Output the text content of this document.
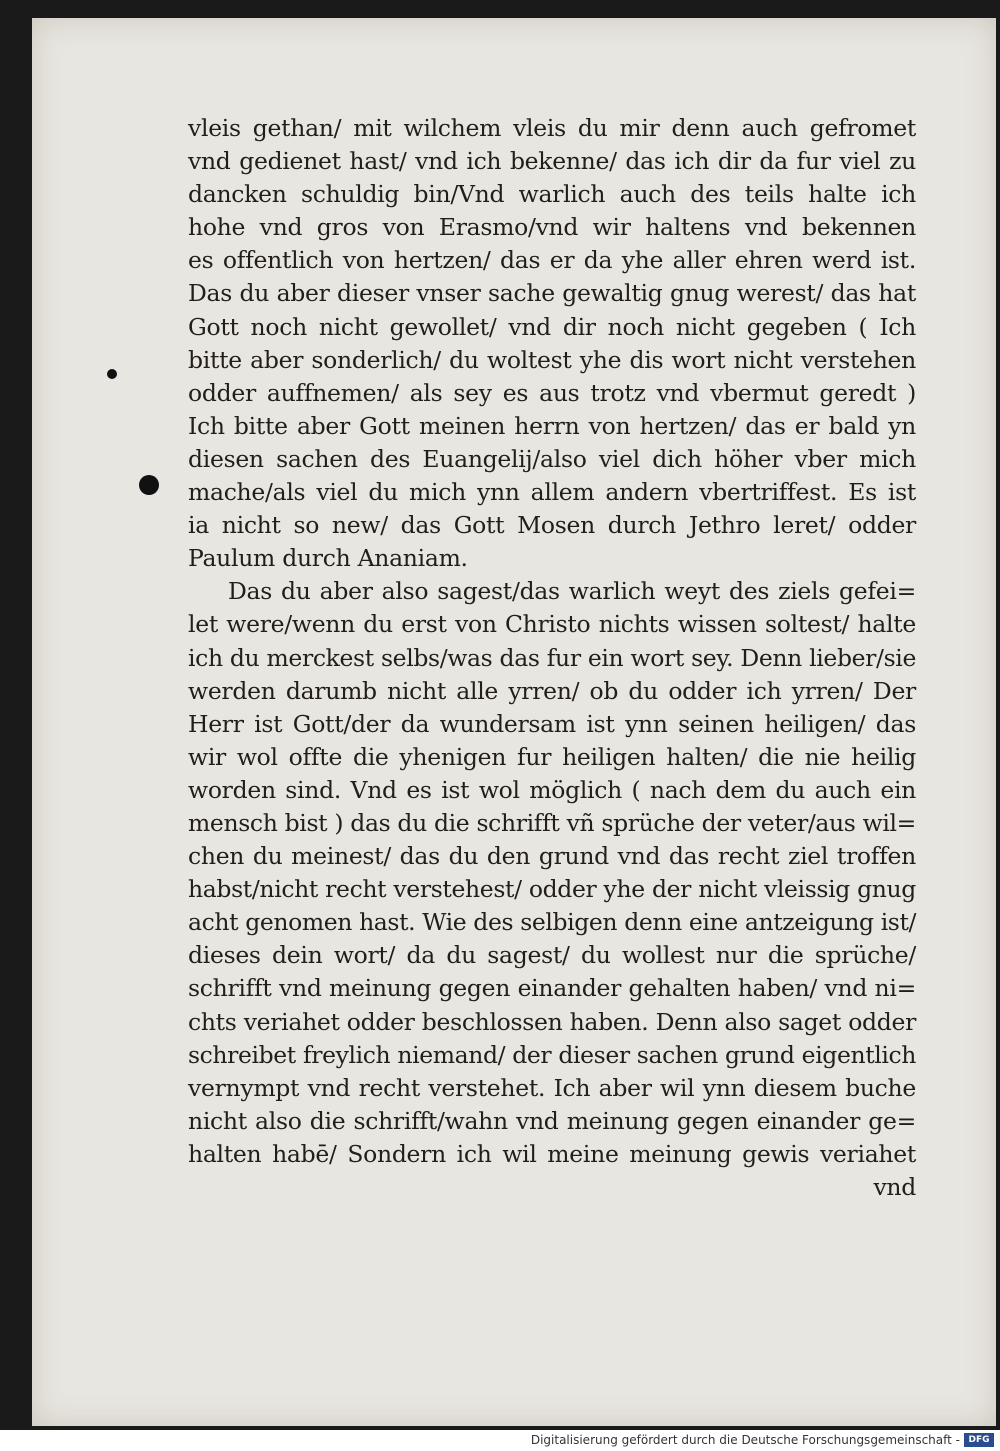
vleis gethan/ mit wilchem vleis du mir denn auch gefromet
vnd gedienet hast/ vnd ich bekenne/ das ich dir da fur viel zu
dancken schuldig bin/Vnd warlich auch des teils halte ich
hohe vnd gros von Erasmo/vnd wir haltens vnd bekennen
es offentlich von hertzen/ das er da yhe aller ehren werd ist.
Das du aber dieser vnser sache gewaltig gnug werest/ das hat
Gott noch nicht gewollet/ vnd dir noch nicht gegeben ( Ich
bitte aber sonderlich/ du woltest yhe dis wort nicht verstehen
odder auffnemen/ als sey es aus trotz vnd vbermut geredt )
Ich bitte aber Gott meinen herrn von hertzen/ das er bald yn
diesen sachen des Euangelij/also viel dich höher vber mich
mache/als viel du mich ynn allem andern vbertriffest. Es ist
ia nicht so new/ das Gott Mosen durch Jethro leret/ odder
Paulum durch Ananiam.
Das du aber also sagest/das warlich weyt des ziels gefei=
let were/wenn du erst von Christo nichts wissen soltest/ halte
ich du merckest selbs/was das fur ein wort sey. Denn lieber/sie
werden darumb nicht alle yrren/ ob du odder ich yrren/ Der
Herr ist Gott/der da wundersam ist ynn seinen heiligen/ das
wir wol offte die yhenigen fur heiligen halten/ die nie heilig
worden sind. Vnd es ist wol möglich ( nach dem du auch ein
mensch bist ) das du die schrifft vñ sprüche der veter/aus wil=
chen du meinest/ das du den grund vnd das recht ziel troffen
habst/nicht recht verstehest/ odder yhe der nicht vleissig gnug
acht genomen hast. Wie des selbigen denn eine antzeigung ist/
dieses dein wort/ da du sagest/ du wollest nur die sprüche/
schrifft vnd meinung gegen einander gehalten haben/ vnd ni=
chts veriahet odder beschlossen haben. Denn also saget odder
schreibet freylich niemand/ der dieser sachen grund eigentlich
vernympt vnd recht verstehet. Ich aber wil ynn diesem buche
nicht also die schrifft/wahn vnd meinung gegen einander ge=
halten habē/ Sondern ich wil meine meinung gewis veriahet
vnd
Digitalisierung gefördert durch die Deutsche Forschungsgemeinschaft - DFG
